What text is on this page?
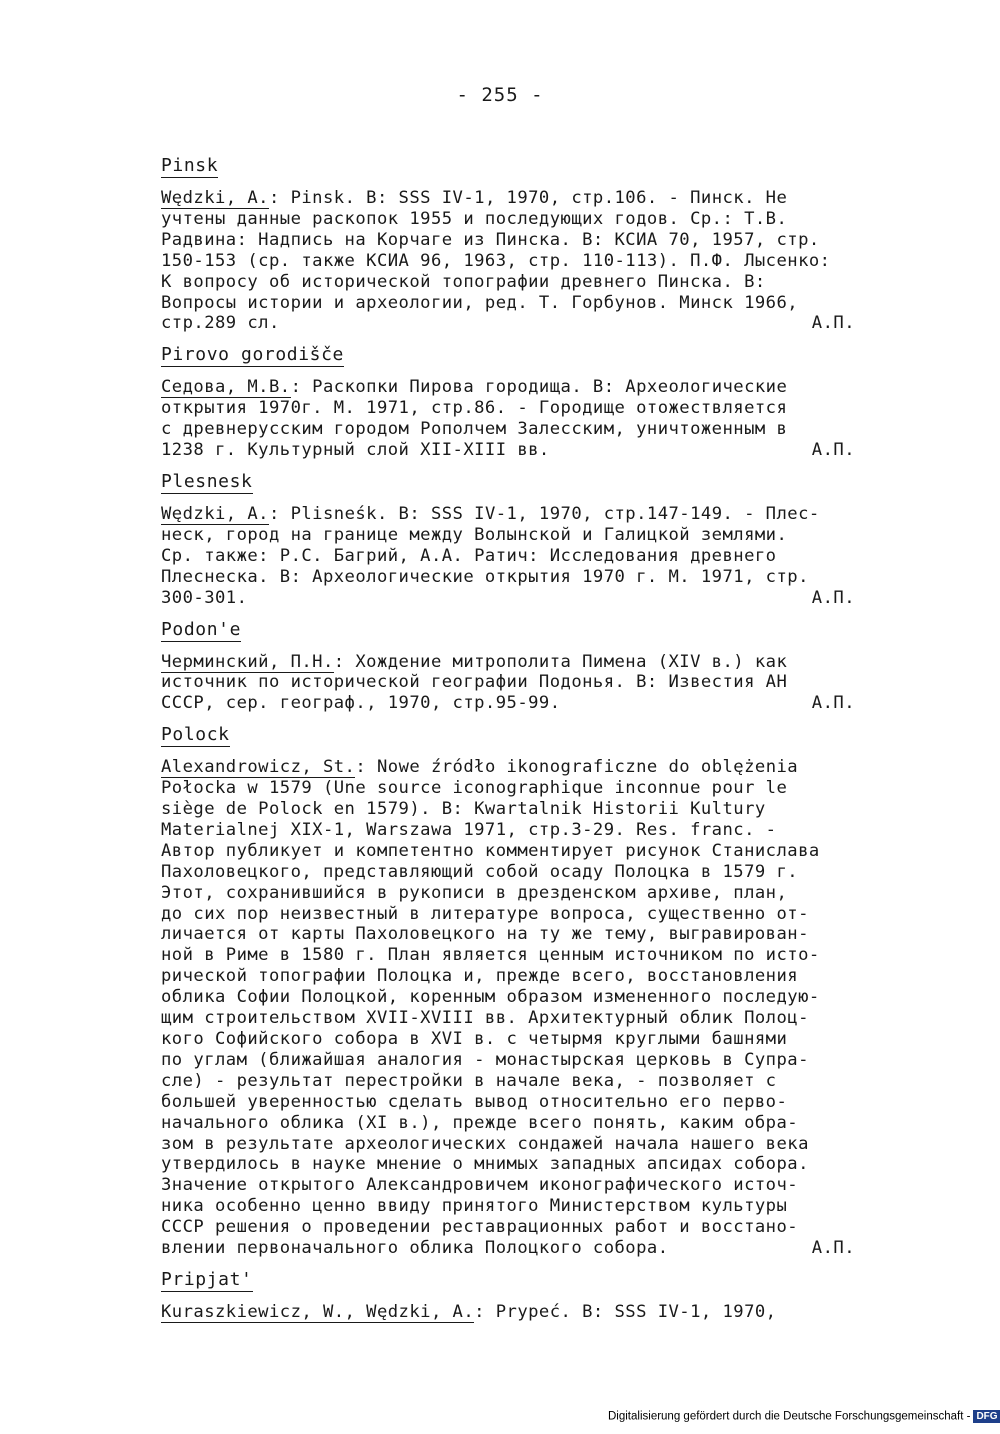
- 255 -
Pinsk
Wędzki, A.: Pinsk. В: SSS IV-1, 1970, стр.106. - Пинск. Не
учтены данные раскопок 1955 и последующих годов. Ср.: Т.В.
Радвина: Надпись на Корчаге из Пинска. В: КСИА 70, 1957, стр.
150-153 (ср. также КСИА 96, 1963, стр. 110-113). П.Ф. Лысенко:
К вопросу об исторической топографии древнего Пинска. В:
Вопросы истории и археологии, ред. Т. Горбунов. Минск 1966,
стр.289 сл.	А.П.
Pirovo gorodišče
Седова, М.В.: Раскопки Пирова городища. В: Археологические
открытия 1970г. М. 1971, стр.86. - Городище отожествляется
с древнерусским городом Рополчем Залесским, уничтоженным в
1238 г. Культурный слой XII-XIII вв.	А.П.
Plesnesk
Wędzki, A.: Plisneśk. В: SSS IV-1, 1970, стр.147-149. - Плес-
неск, город на границе между Волынской и Галицкой землями.
Ср. также: Р.С. Багрий, А.А. Ратич: Исследования древнего
Плеснеска. В: Археологические открытия 1970 г. М. 1971, стр.
300-301.	А.П.
Podon'e
Черминский, П.Н.: Хождение митрополита Пимена (XIV в.) как
источник по исторической географии Подонья. В: Известия АН
СССР, сер. географ., 1970, стр.95-99.	А.П.
Polock
Alexandrowicz, St.: Nowe źródło ikonograficzne do oblężenia
Połocka w 1579 (Une source iconographique inconnue pour le
siège de Polock en 1579). В: Kwartalnik Historii Kultury
Materialnej XIX-1, Warszawa 1971, стр.3-29. Res. franc. -
Автор публикует и компетентно комментирует рисунок Станислава
Пахоловецкого, представляющий собой осаду Полоцка в 1579 г.
Этот, сохранившийся в рукописи в дрезденском архиве, план,
до сих пор неизвестный в литературе вопроса, существенно от-
личается от карты Пахоловецкого на ту же тему, выгравирован-
ной в Риме в 1580 г. План является ценным источником по исто-
рической топографии Полоцка и, прежде всего, восстановления
облика Софии Полоцкой, коренным образом измененного последую-
щим строительством XVII-XVIII вв. Архитектурный облик Полоц-
кого Софийского собора в XVI в. с четырмя круглыми башнями
по углам (ближайшая аналогия - монастырская церковь в Супра-
сле) - результат перестройки в начале века, - позволяет с
большей уверенностью сделать вывод относительно его перво-
начального облика (XI в.), прежде всего понять, каким обра-
зом в результате археологических сондажей начала нашего века
утвердилось в науке мнение о мнимых западных апсидах собора.
Значение открытого Александровичем иконографического источ-
ника особенно ценно ввиду принятого Министерством культуры
СССР решения о проведении реставрационных работ и восстано-
влении первоначального облика Полоцкого собора.	А.П.
Pripjat'
Kuraszkiewicz, W., Wędzki, A.: Prypeć. В: SSS IV-1, 1970,
Digitalisierung gefördert durch die Deutsche Forschungsgemeinschaft - DFG
